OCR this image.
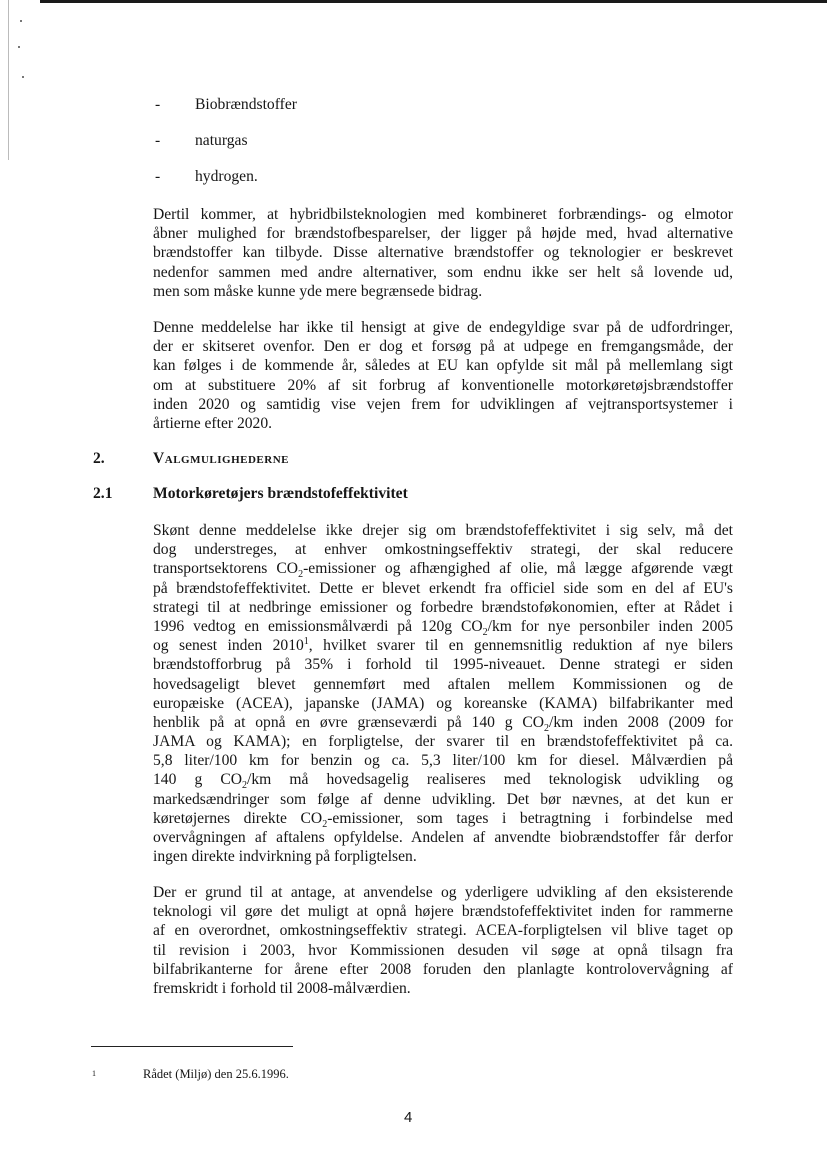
- Biobrændstoffer
- naturgas
- hydrogen.
Dertil kommer, at hybridbilsteknologien med kombineret forbrændings- og elmotor
åbner mulighed for brændstofbesparelser, der ligger på højde med, hvad alternative
brændstoffer kan tilbyde. Disse alternative brændstoffer og teknologier er beskrevet
nedenfor sammen med andre alternativer, som endnu ikke ser helt så lovende ud,
men som måske kunne yde mere begrænsede bidrag.
Denne meddelelse har ikke til hensigt at give de endegyldige svar på de udfordringer,
der er skitseret ovenfor. Den er dog et forsøg på at udpege en fremgangsmåde, der
kan følges i de kommende år, således at EU kan opfylde sit mål på mellemlang sigt
om at substituere 20% af sit forbrug af konventionelle motorkøretøjsbrændstoffer
inden 2020 og samtidig vise vejen frem for udviklingen af vejtransportsystemer i
årtierne efter 2020.
2.	Valgmulighederne
2.1	Motorkøretøjers brændstofeffektivitet
Skønt denne meddelelse ikke drejer sig om brændstofeffektivitet i sig selv, må det
dog understreges, at enhver omkostningseffektiv strategi, der skal reducere
transportsektorens $CO_2$-emissioner og afhængighed af olie, må lægge afgørende vægt
på brændstofeffektivitet. Dette er blevet erkendt fra officiel side som en del af EU's
strategi til at nedbringe emissioner og forbedre brændstoføkonomien, efter at Rådet i
1996 vedtog en emissionsmålværdi på 120g $CO_2/km$ for nye personbiler inden 2005
og senest inden 2010$^1$, hvilket svarer til en gennemsnitlig reduktion af nye bilers
brændstofforbrug på 35% i forhold til 1995-niveauet. Denne strategi er siden
hovedsageligt blevet gennemført med aftalen mellem Kommissionen og de
europæiske (ACEA), japanske (JAMA) og koreanske (KAMA) bilfabrikanter med
henblik på at opnå en øvre grænseværdi på 140 g $CO_2/km$ inden 2008 (2009 for
JAMA og KAMA); en forpligtelse, der svarer til en brændstofeffektivitet på ca.
5,8 liter/100 km for benzin og ca. 5,3 liter/100 km for diesel. Målværdien på
140 g $CO_2/km$ må hovedsagelig realiseres med teknologisk udvikling og
markedsændringer som følge af denne udvikling. Det bør nævnes, at det kun er
køretøjernes direkte $CO_2$-emissioner, som tages i betragtning i forbindelse med
overvågningen af aftalens opfyldelse. Andelen af anvendte biobrændstoffer får derfor
ingen direkte indvirkning på forpligtelsen.
Der er grund til at antage, at anvendelse og yderligere udvikling af den eksisterende
teknologi vil gøre det muligt at opnå højere brændstofeffektivitet inden for rammerne
af en overordnet, omkostningseffektiv strategi. ACEA-forpligtelsen vil blive taget op
til revision i 2003, hvor Kommissionen desuden vil søge at opnå tilsagn fra
bilfabrikanterne for årene efter 2008 foruden den planlagte kontrolovervågning af
fremskridt i forhold til 2008-målværdien.
1	Rådet (Miljø) den 25.6.1996.
4
